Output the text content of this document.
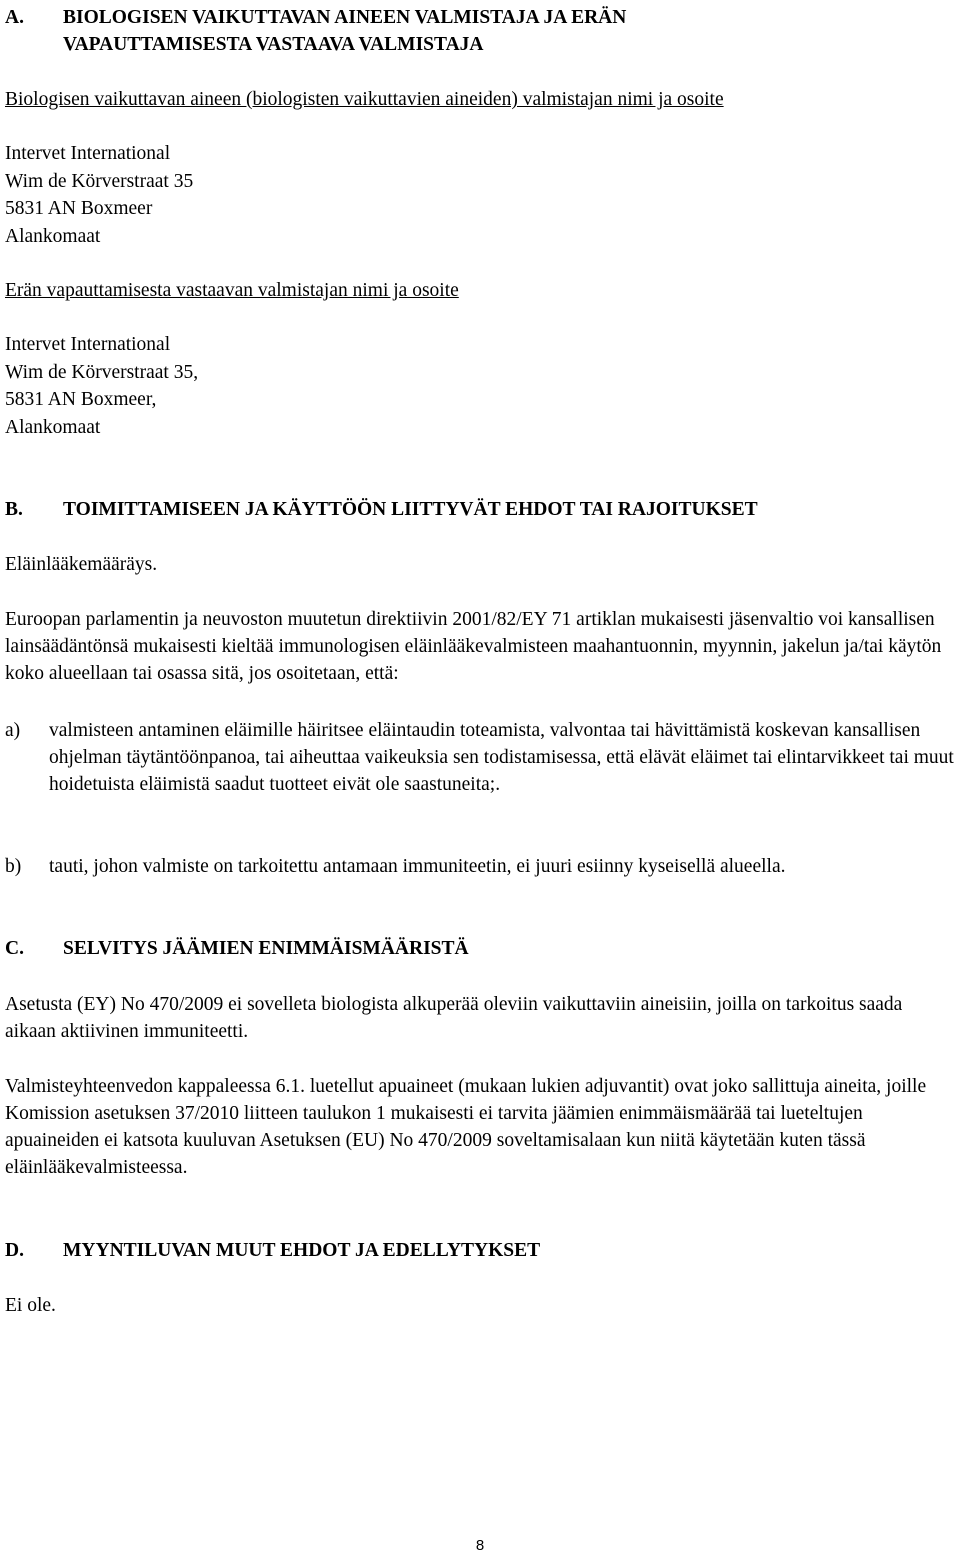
A.	BIOLOGISEN VAIKUTTAVAN AINEEN VALMISTAJA JA ERÄN
VAPAUTTAMISESTA VASTAAVA VALMISTAJA

Biologisen vaikuttavan aineen (biologisten vaikuttavien aineiden) valmistajan nimi ja osoite

Intervet International
Wim de Körverstraat 35
5831 AN Boxmeer
Alankomaat

Erän vapauttamisesta vastaavan valmistajan nimi ja osoite

Intervet International
Wim de Körverstraat 35,
5831 AN Boxmeer,
Alankomaat
B.	TOIMITTAMISEEN JA KÄYTTÖÖN LIITTYVÄT EHDOT TAI RAJOITUKSET

Eläinlääkemääräys.

Euroopan parlamentin ja neuvoston muutetun direktiivin 2001/82/EY 71 artiklan mukaisesti jäsenvaltio voi kansallisen lainsäädäntönsä mukaisesti kieltää immunologisen eläinlääkevalmisteen maahantuonnin, myynnin, jakelun ja/tai käytön koko alueellaan tai osassa sitä, jos osoitetaan, että:

a)	valmisteen antaminen eläimille häiritsee eläintaudin toteamista, valvontaa tai hävittämistä koskevan kansallisen ohjelman täytäntöönpanoa, tai aiheuttaa vaikeuksia sen todistamisessa, että elävät eläimet tai elintarvikkeet tai muut hoidetuista eläimistä saadut tuotteet eivät ole saastuneita;.
b)	tauti, johon valmiste on tarkoitettu antamaan immuniteetin, ei juuri esiinny kyseisellä alueella.
C.	SELVITYS JÄÄMIEN ENIMMÄISMÄÄRISTÄ

Asetusta (EY) No 470/2009 ei sovelleta biologista alkuperää oleviin vaikuttaviin aineisiin, joilla on tarkoitus saada aikaan aktiivinen immuniteetti.

Valmisteyhteenvedon kappaleessa 6.1. luetellut apuaineet (mukaan lukien adjuvantit) ovat joko sallittuja aineita, joille Komission asetuksen 37/2010 liitteen taulukon 1 mukaisesti ei tarvita jäämien enimmäismäärää tai lueteltujen apuaineiden ei katsota kuuluvan Asetuksen (EU) No 470/2009 soveltamisalaan kun niitä käytetään kuten tässä eläinlääkevalmisteessa.

D.	MYYNTILUVAN MUUT EHDOT JA EDELLYTYKSET

Ei ole.

8
